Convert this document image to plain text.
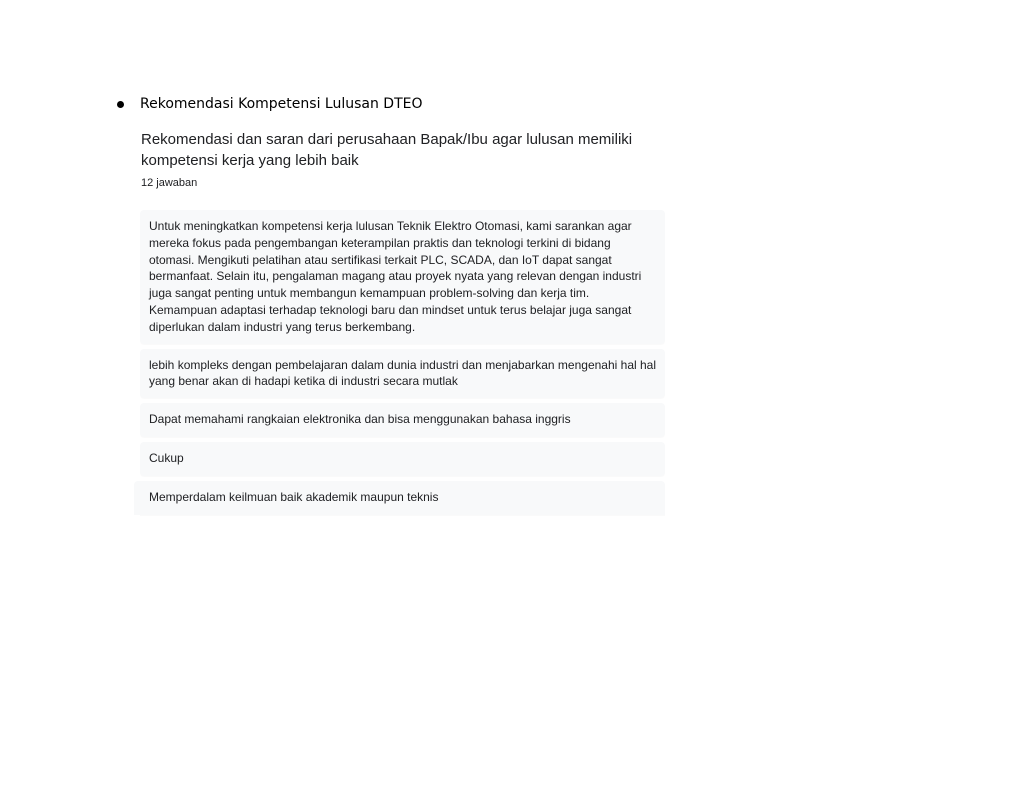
Rekomendasi Kompetensi Lulusan DTEO
Rekomendasi dan saran dari perusahaan Bapak/Ibu agar lulusan memiliki kompetensi kerja yang lebih baik
12 jawaban
Untuk meningkatkan kompetensi kerja lulusan Teknik Elektro Otomasi, kami sarankan agar mereka fokus pada pengembangan keterampilan praktis dan teknologi terkini di bidang otomasi. Mengikuti pelatihan atau sertifikasi terkait PLC, SCADA, dan IoT dapat sangat bermanfaat. Selain itu, pengalaman magang atau proyek nyata yang relevan dengan industri juga sangat penting untuk membangun kemampuan problem-solving dan kerja tim. Kemampuan adaptasi terhadap teknologi baru dan mindset untuk terus belajar juga sangat diperlukan dalam industri yang terus berkembang.
lebih kompleks dengan pembelajaran dalam dunia industri dan menjabarkan mengenahi hal hal yang benar akan di hadapi ketika di industri secara mutlak
Dapat memahami rangkaian elektronika dan bisa menggunakan bahasa inggris
Cukup
Memperdalam keilmuan baik akademik maupun teknis
